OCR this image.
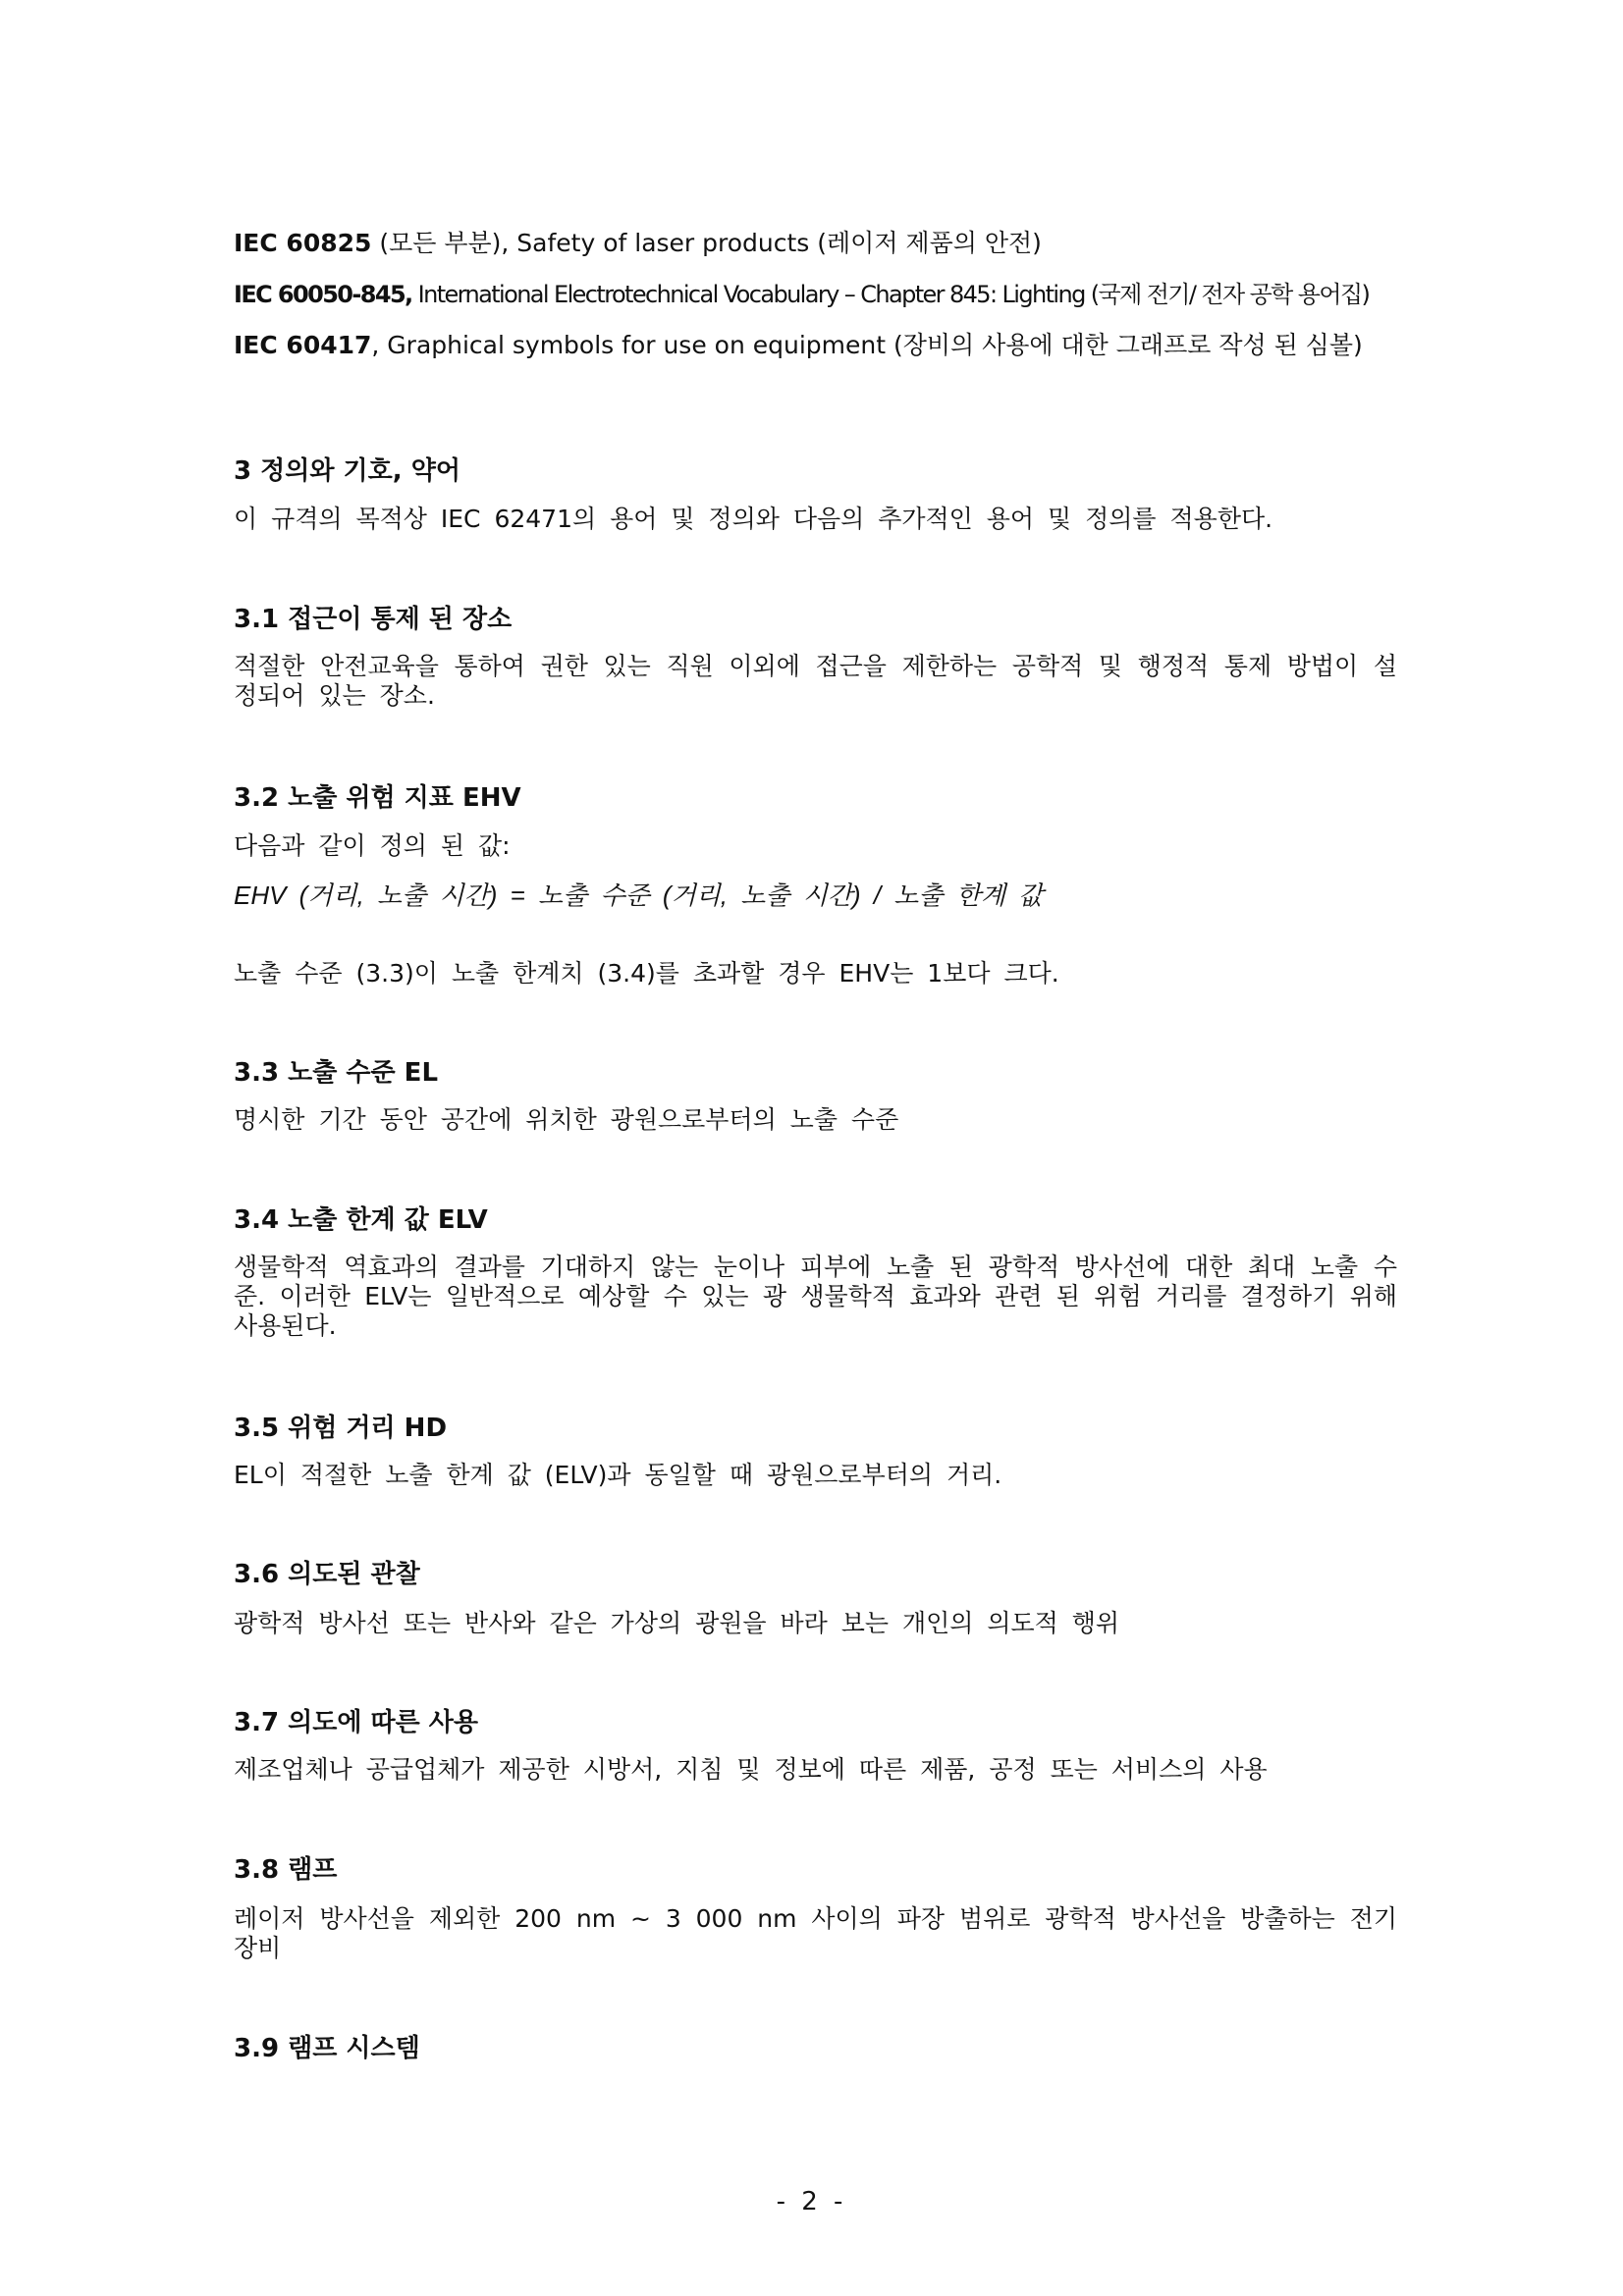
IEC 60825 (모든 부분), Safety of laser products (레이저 제품의 안전)
IEC 60050-845, International Electrotechnical Vocabulary – Chapter 845: Lighting (국제 전기/ 전자 공학 용어집)
IEC 60417, Graphical symbols for use on equipment (장비의 사용에 대한 그래프로 작성 된 심볼)
3 정의와 기호, 약어
이 규격의 목적상 IEC 62471의 용어 및 정의와 다음의 추가적인 용어 및 정의를 적용한다.
3.1 접근이 통제 된 장소
적절한 안전교육을 통하여 권한 있는 직원 이외에 접근을 제한하는 공학적 및 행정적 통제 방법이 설정되어 있는 장소.
3.2 노출 위험 지표 EHV
다음과 같이 정의 된 값:
EHV (거리, 노출 시간) = 노출 수준 (거리, 노출 시간) / 노출 한계 값
노출 수준 (3.3)이 노출 한계치 (3.4)를 초과할 경우 EHV는 1보다 크다.
3.3 노출 수준 EL
명시한 기간 동안 공간에 위치한 광원으로부터의 노출 수준
3.4 노출 한계 값 ELV
생물학적 역효과의 결과를 기대하지 않는 눈이나 피부에 노출 된 광학적 방사선에 대한 최대 노출 수준. 이러한 ELV는 일반적으로 예상할 수 있는 광 생물학적 효과와 관련 된 위험 거리를 결정하기 위해 사용된다.
3.5 위험 거리 HD
EL이 적절한 노출 한계 값 (ELV)과 동일할 때 광원으로부터의 거리.
3.6 의도된 관찰
광학적 방사선 또는 반사와 같은 가상의 광원을 바라 보는 개인의 의도적 행위
3.7 의도에 따른 사용
제조업체나 공급업체가 제공한 시방서, 지침 및 정보에 따른 제품, 공정 또는 서비스의 사용
3.8 램프
레이저 방사선을 제외한 200 nm ~ 3 000 nm 사이의 파장 범위로 광학적 방사선을 방출하는 전기장비
3.9 램프 시스템
- 2 -
